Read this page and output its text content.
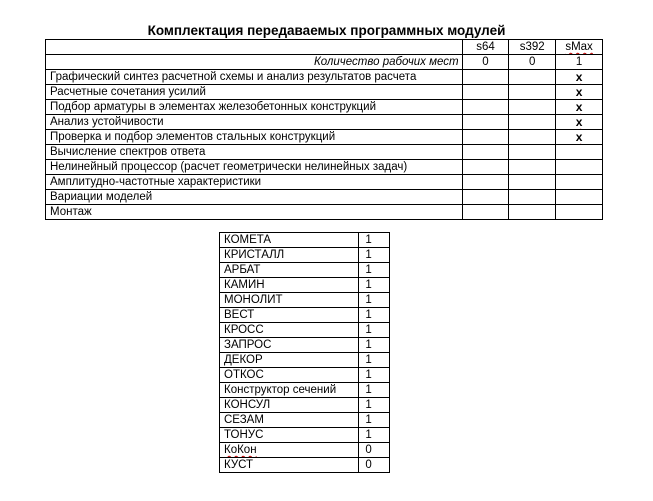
Комплектация передаваемых программных модулей
	s64	s392	sMax
Количество рабочих мест	0	0	1
Графический синтез расчетной схемы и анализ результатов расчета			x
Расчетные сочетания усилий			x
Подбор арматуры в элементах железобетонных конструкций			x
Анализ устойчивости			x
Проверка и подбор элементов стальных конструкций			x
Вычисление спектров ответа			
Нелинейный процессор (расчет геометрически нелинейных задач)			
Амплитудно-частотные характеристики			
Вариации моделей			
Монтаж			
КОМЕТА	1
КРИСТАЛЛ	1
АРБАТ	1
КАМИН	1
МОНОЛИТ	1
ВЕСТ	1
КРОСС	1
ЗАПРОС	1
ДЕКОР	1
ОТКОС	1
Конструктор сечений	1
КОНСУЛ	1
СЕЗАМ	1
ТОНУС	1
КоКон	0
КУСТ	0
